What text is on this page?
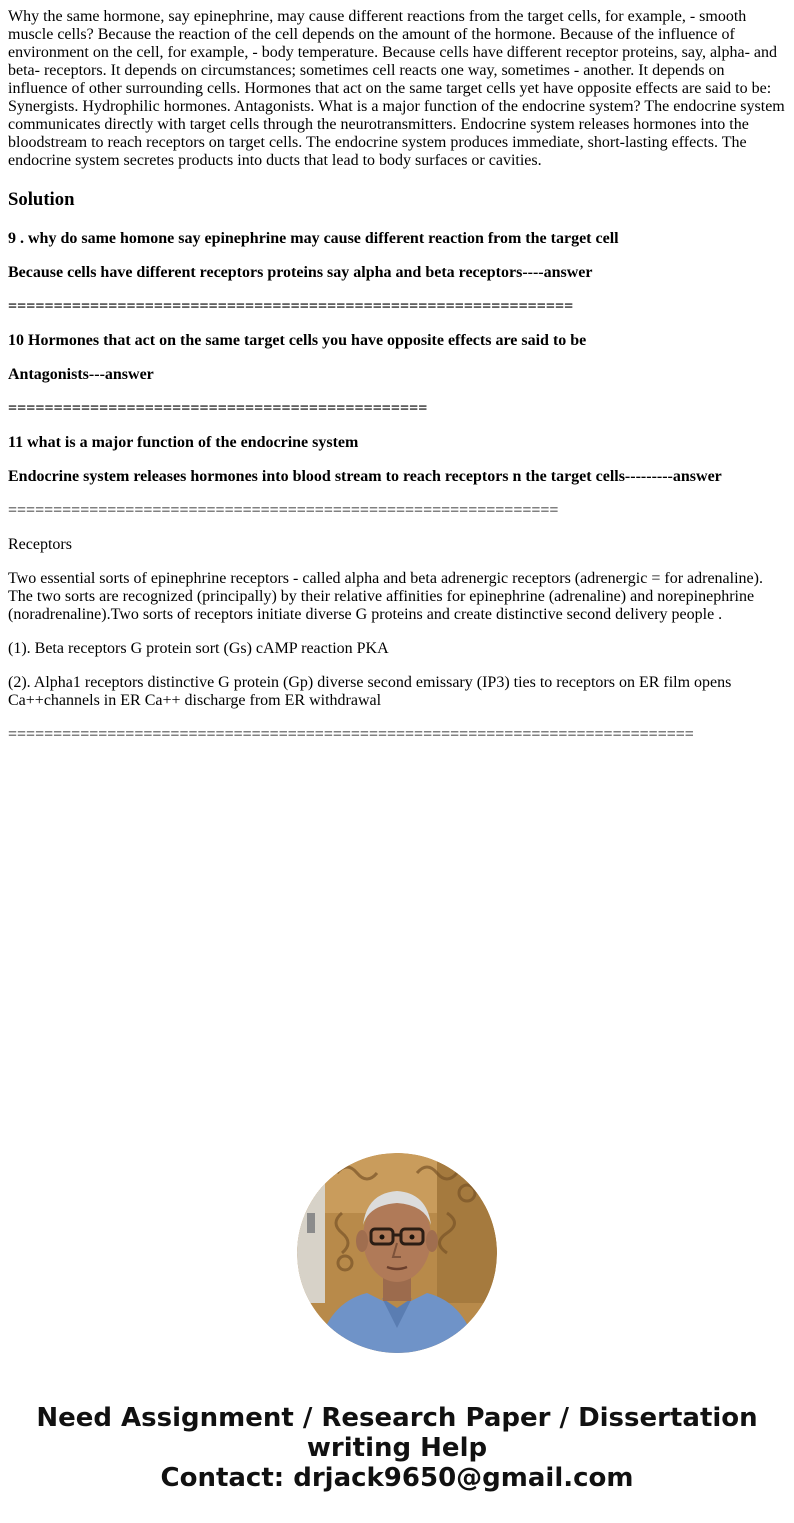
Why the same hormone, say epinephrine, may cause different reactions from the target cells, for example, - smooth muscle cells? Because the reaction of the cell depends on the amount of the hormone. Because of the influence of environment on the cell, for example, - body temperature. Because cells have different receptor proteins, say, alpha- and beta- receptors. It depends on circumstances; sometimes cell reacts one way, sometimes - another. It depends on influence of other surrounding cells. Hormones that act on the same target cells yet have opposite effects are said to be: Synergists. Hydrophilic hormones. Antagonists. What is a major function of the endocrine system? The endocrine system communicates directly with target cells through the neurotransmitters. Endocrine system releases hormones into the bloodstream to reach receptors on target cells. The endocrine system produces immediate, short-lasting effects. The endocrine system secretes products into ducts that lead to body surfaces or cavities.

Solution

9 . why do same homone say epinephrine may cause different reaction from the target cell

Because cells have different receptors proteins say alpha and beta receptors----answer

==============================================================

10 Hormones that act on the same target cells you have opposite effects are said to be

Antagonists---answer

==============================================

11 what is a major function of the endocrine system

Endocrine system releases hormones into blood stream to reach receptors n the target cells---------answer

=============================================================

Receptors

Two essential sorts of epinephrine receptors - called alpha and beta adrenergic receptors (adrenergic = for adrenaline). The two sorts are recognized (principally) by their relative affinities for epinephrine (adrenaline) and norepinephrine (noradrenaline).Two sorts of receptors initiate diverse G proteins and create distinctive second delivery people .

(1). Beta receptors G protein sort (Gs) cAMP reaction PKA

(2). Alpha1 receptors distinctive G protein (Gp) diverse second emissary (IP3) ties to receptors on ER film opens Ca++channels in ER Ca++ discharge from ER withdrawal

============================================================================

Need Assignment / Research Paper / Dissertation
writing Help
Contact: drjack9650@gmail.com
